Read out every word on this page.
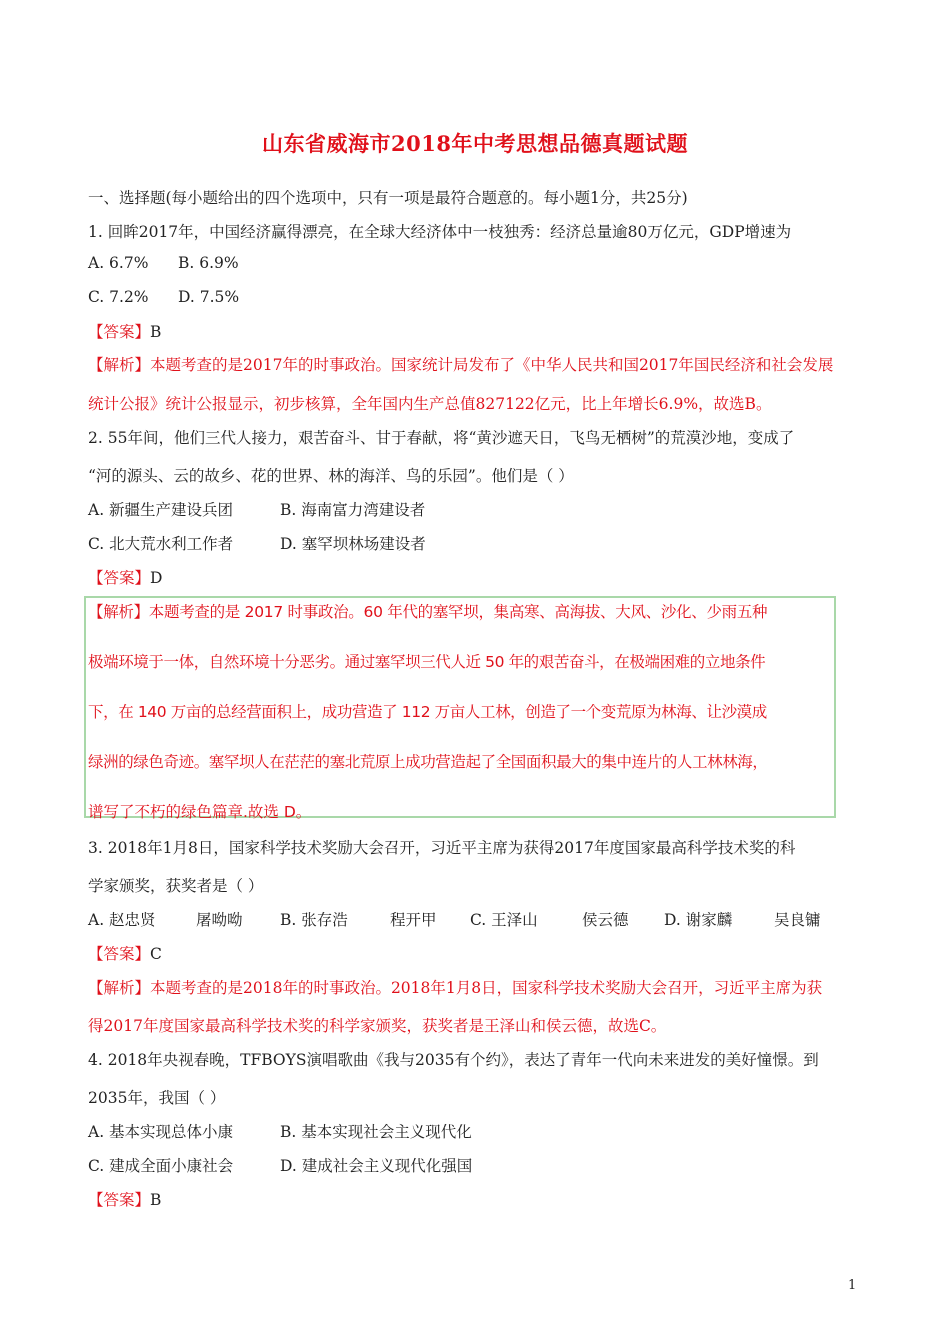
山东省威海市2018年中考思想品德真题试题
一、选择题(每小题给出的四个选项中，只有一项是最符合题意的。每小题1分，共25分)
1. 回眸2017年，中国经济赢得漂亮，在全球大经济体中一枝独秀：经济总量逾80万亿元，GDP增速为
A. 6.7% B. 6.9%
C. 7.2% D. 7.5%
【答案】B
【解析】本题考查的是2017年的时事政治。国家统计局发布了《中华人民共和国2017年国民经济和社会发展
统计公报》统计公报显示，初步核算，全年国内生产总值827122亿元，比上年增长6.9%，故选B。
2. 55年间，他们三代人接力，艰苦奋斗、甘于春献，将“黄沙遮天日，飞鸟无栖树”的荒漠沙地，变成了
“河的源头、云的故乡、花的世界、林的海洋、鸟的乐园”。他们是（ ）
A. 新疆生产建设兵团	B. 海南富力湾建设者
C. 北大荒水利工作者	D. 塞罕坝林场建设者
【答案】D
【解析】本题考查的是 2017 时事政治。60 年代的塞罕坝，集高寒、高海拔、大风、沙化、少雨五种
极端环境于一体，自然环境十分恶劣。通过塞罕坝三代人近 50 年的艰苦奋斗，在极端困难的立地条件
下，在 140 万亩的总经营面积上，成功营造了 112 万亩人工林，创造了一个变荒原为林海、让沙漠成
绿洲的绿色奇迹。塞罕坝人在茫茫的塞北荒原上成功营造起了全国面积最大的集中连片的人工林林海，
谱写了不朽的绿色篇章.故选 D。
3. 2018年1月8日，国家科学技术奖励大会召开，习近平主席为获得2017年度国家最高科学技术奖的科
学家颁奖，获奖者是（ ）
A. 赵忠贤	屠呦呦 B. 张存浩	程开甲 C. 王泽山	侯云德 D. 谢家麟	吴良镛
【答案】C
【解析】本题考查的是2018年的时事政治。2018年1月8日，国家科学技术奖励大会召开，习近平主席为获
得2017年度国家最高科学技术奖的科学家颁奖，获奖者是王泽山和侯云德，故选C。
4. 2018年央视春晚，TFBOYS演唱歌曲《我与2035有个约》，表达了青年一代向未来进发的美好憧憬。到
2035年，我国（ ）
A. 基本实现总体小康	B. 基本实现社会主义现代化
C. 建成全面小康社会	D. 建成社会主义现代化强国
【答案】B
1
